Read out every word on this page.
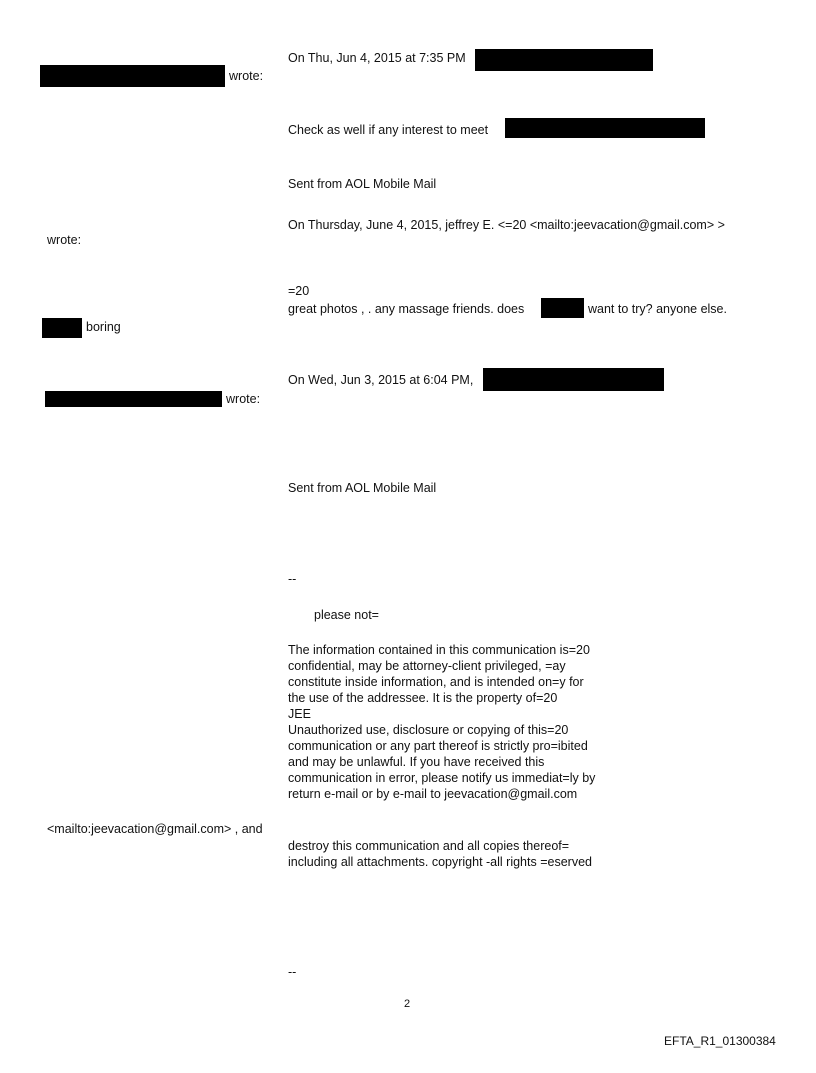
On Thu, Jun 4, 2015 at 7:35 PM
wrote:
Check as well if any interest to meet
Sent from AOL Mobile Mail
On Thursday, June 4, 2015, jeffrey E. <=20 <mailto:jeevacation@gmail.com> >
wrote:
=20
great photos , . any massage friends. does	want to try? anyone else.
boring
On Wed, Jun 3, 2015 at 6:04 PM,
wrote:
Sent from AOL Mobile Mail
--
please not=
The information contained in this communication is=20
confidential, may be attorney-client privileged, =ay
constitute inside information, and is intended on=y for
the use of the addressee. It is the property of=20
JEE
Unauthorized use, disclosure or copying of this=20
communication or any part thereof is strictly pro=ibited
and may be unlawful. If you have received this
communication in error, please notify us immediat=ly by
return e-mail or by e-mail to jeevacation@gmail.com
<mailto:jeevacation@gmail.com> , and
destroy this communication and all copies thereof=
including all attachments. copyright -all rights =eserved
--
2
EFTA_R1_01300384
